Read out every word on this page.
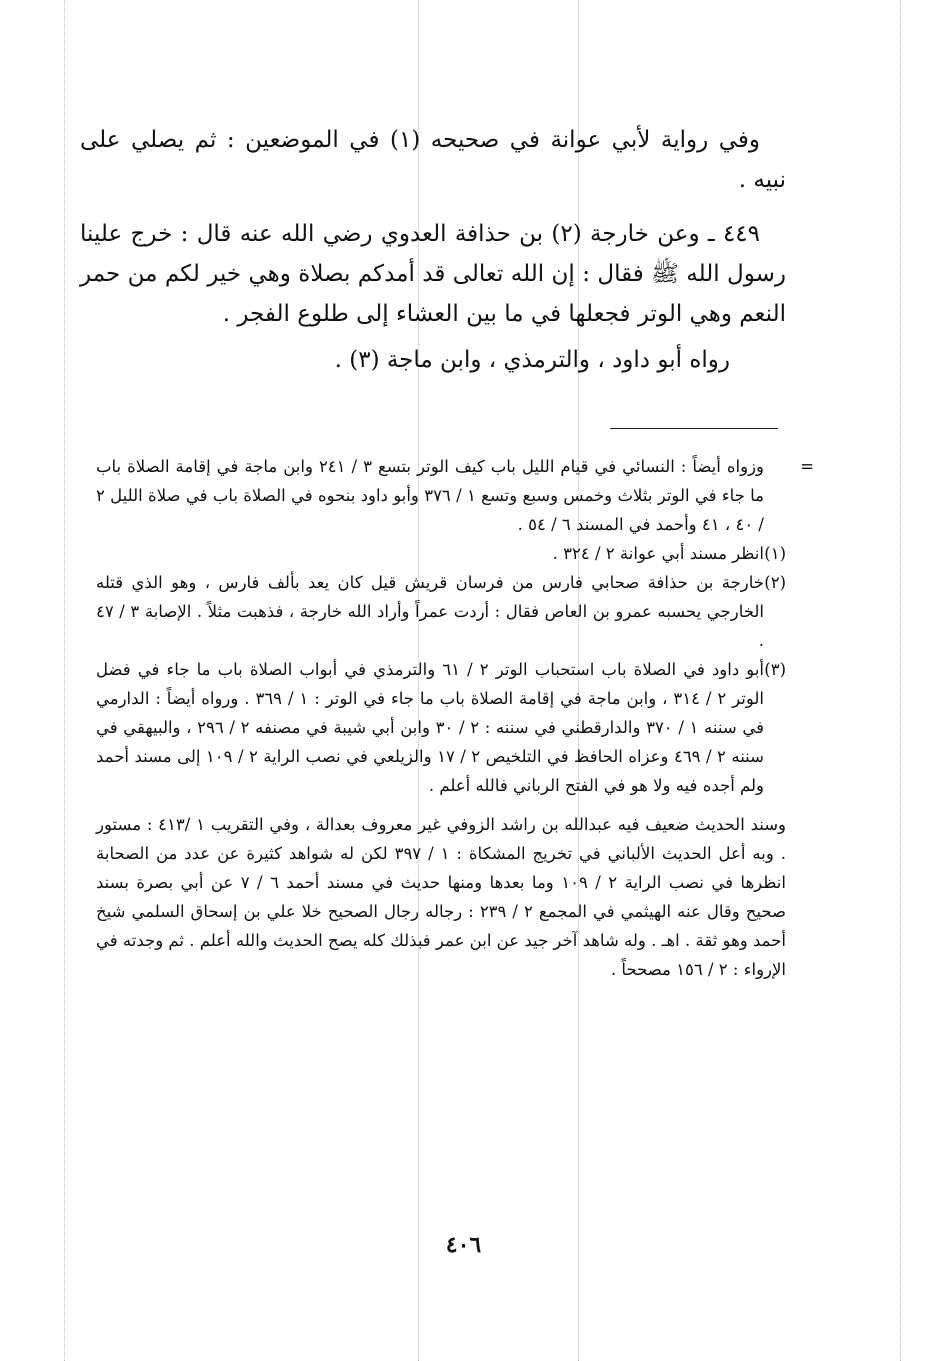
وفي رواية لأبي عوانة في صحيحه (١) في الموضعين : ثم يصلي على نبيه .

٤٤٩ ـ وعن خارجة (٢) بن حذافة العدوي رضي الله عنه قال : خرج علينا رسول الله ﷺ فقال : إن الله تعالى قد أمدكم بصلاة وهي خير لكم من حمر النعم وهي الوتر فجعلها في ما بين العشاء إلى طلوع الفجر .

رواه أبو داود ، والترمذي ، وابن ماجة (٣) .

=
وزواه أيضاً : النسائي في قيام الليل باب كيف الوتر بتسع ٣ / ٢٤١ وابن ماجة في إقامة الصلاة باب ما جاء في الوتر بثلاث وخمس وسبع وتسع ١ / ٣٧٦ وأبو داود بنحوه في الصلاة باب في صلاة الليل ٢ / ٤٠ ، ٤١ وأحمد في المسند ٦ / ٥٤ .
(١)
انظر مسند أبي عوانة ٢ / ٣٢٤ .
(٢)
خارجة بن حذافة صحابي فارس من فرسان قريش قيل كان يعد بألف فارس ، وهو الذي قتله الخارجي يحسبه عمرو بن العاص فقال : أردت عمراً وأراد الله خارجة ، فذهبت مثلاً . الإصابة ٣ / ٤٧ .
(٣)
أبو داود في الصلاة باب استحباب الوتر ٢ / ٦١ والترمذي في أبواب الصلاة باب ما جاء في فضل الوتر ٢ / ٣١٤ ، وابن ماجة في إقامة الصلاة باب ما جاء في الوتر : ١ / ٣٦٩ . ورواه أيضاً : الدارمي في سننه ١ / ٣٧٠ والدارقطني في سننه : ٢ / ٣٠ وابن أبي شيبة في مصنفه ٢ / ٢٩٦ ، والبيهقي في سننه ٢ / ٤٦٩ وعزاه الحافظ في التلخيص ٢ / ١٧ والزيلعي في نصب الراية ٢ / ١٠٩ إلى مسند أحمد ولم أجده فيه ولا هو في الفتح الرباني فالله أعلم .
وسند الحديث ضعيف فيه عبدالله بن راشد الزوفي غير معروف بعدالة ، وفي التقريب ١ /٤١٣ : مستور . وبه أعل الحديث الألباني في تخريج المشكاة : ١ / ٣٩٧ لكن له شواهد كثيرة عن عدد من الصحابة انظرها في نصب الراية ٢ / ١٠٩ وما بعدها ومنها حديث في مسند أحمد ٦ / ٧ عن أبي بصرة بسند صحيح وقال عنه الهيثمي في المجمع ٢ / ٢٣٩ : رجاله رجال الصحيح خلا علي بن إسحاق السلمي شيخ أحمد وهو ثقة . اهـ . وله شاهد آخر جيد عن ابن عمر فبذلك كله يصح الحديث والله أعلم . ثم وجدته في الإرواء : ٢ / ١٥٦ مصححاً .
٤٠٦
